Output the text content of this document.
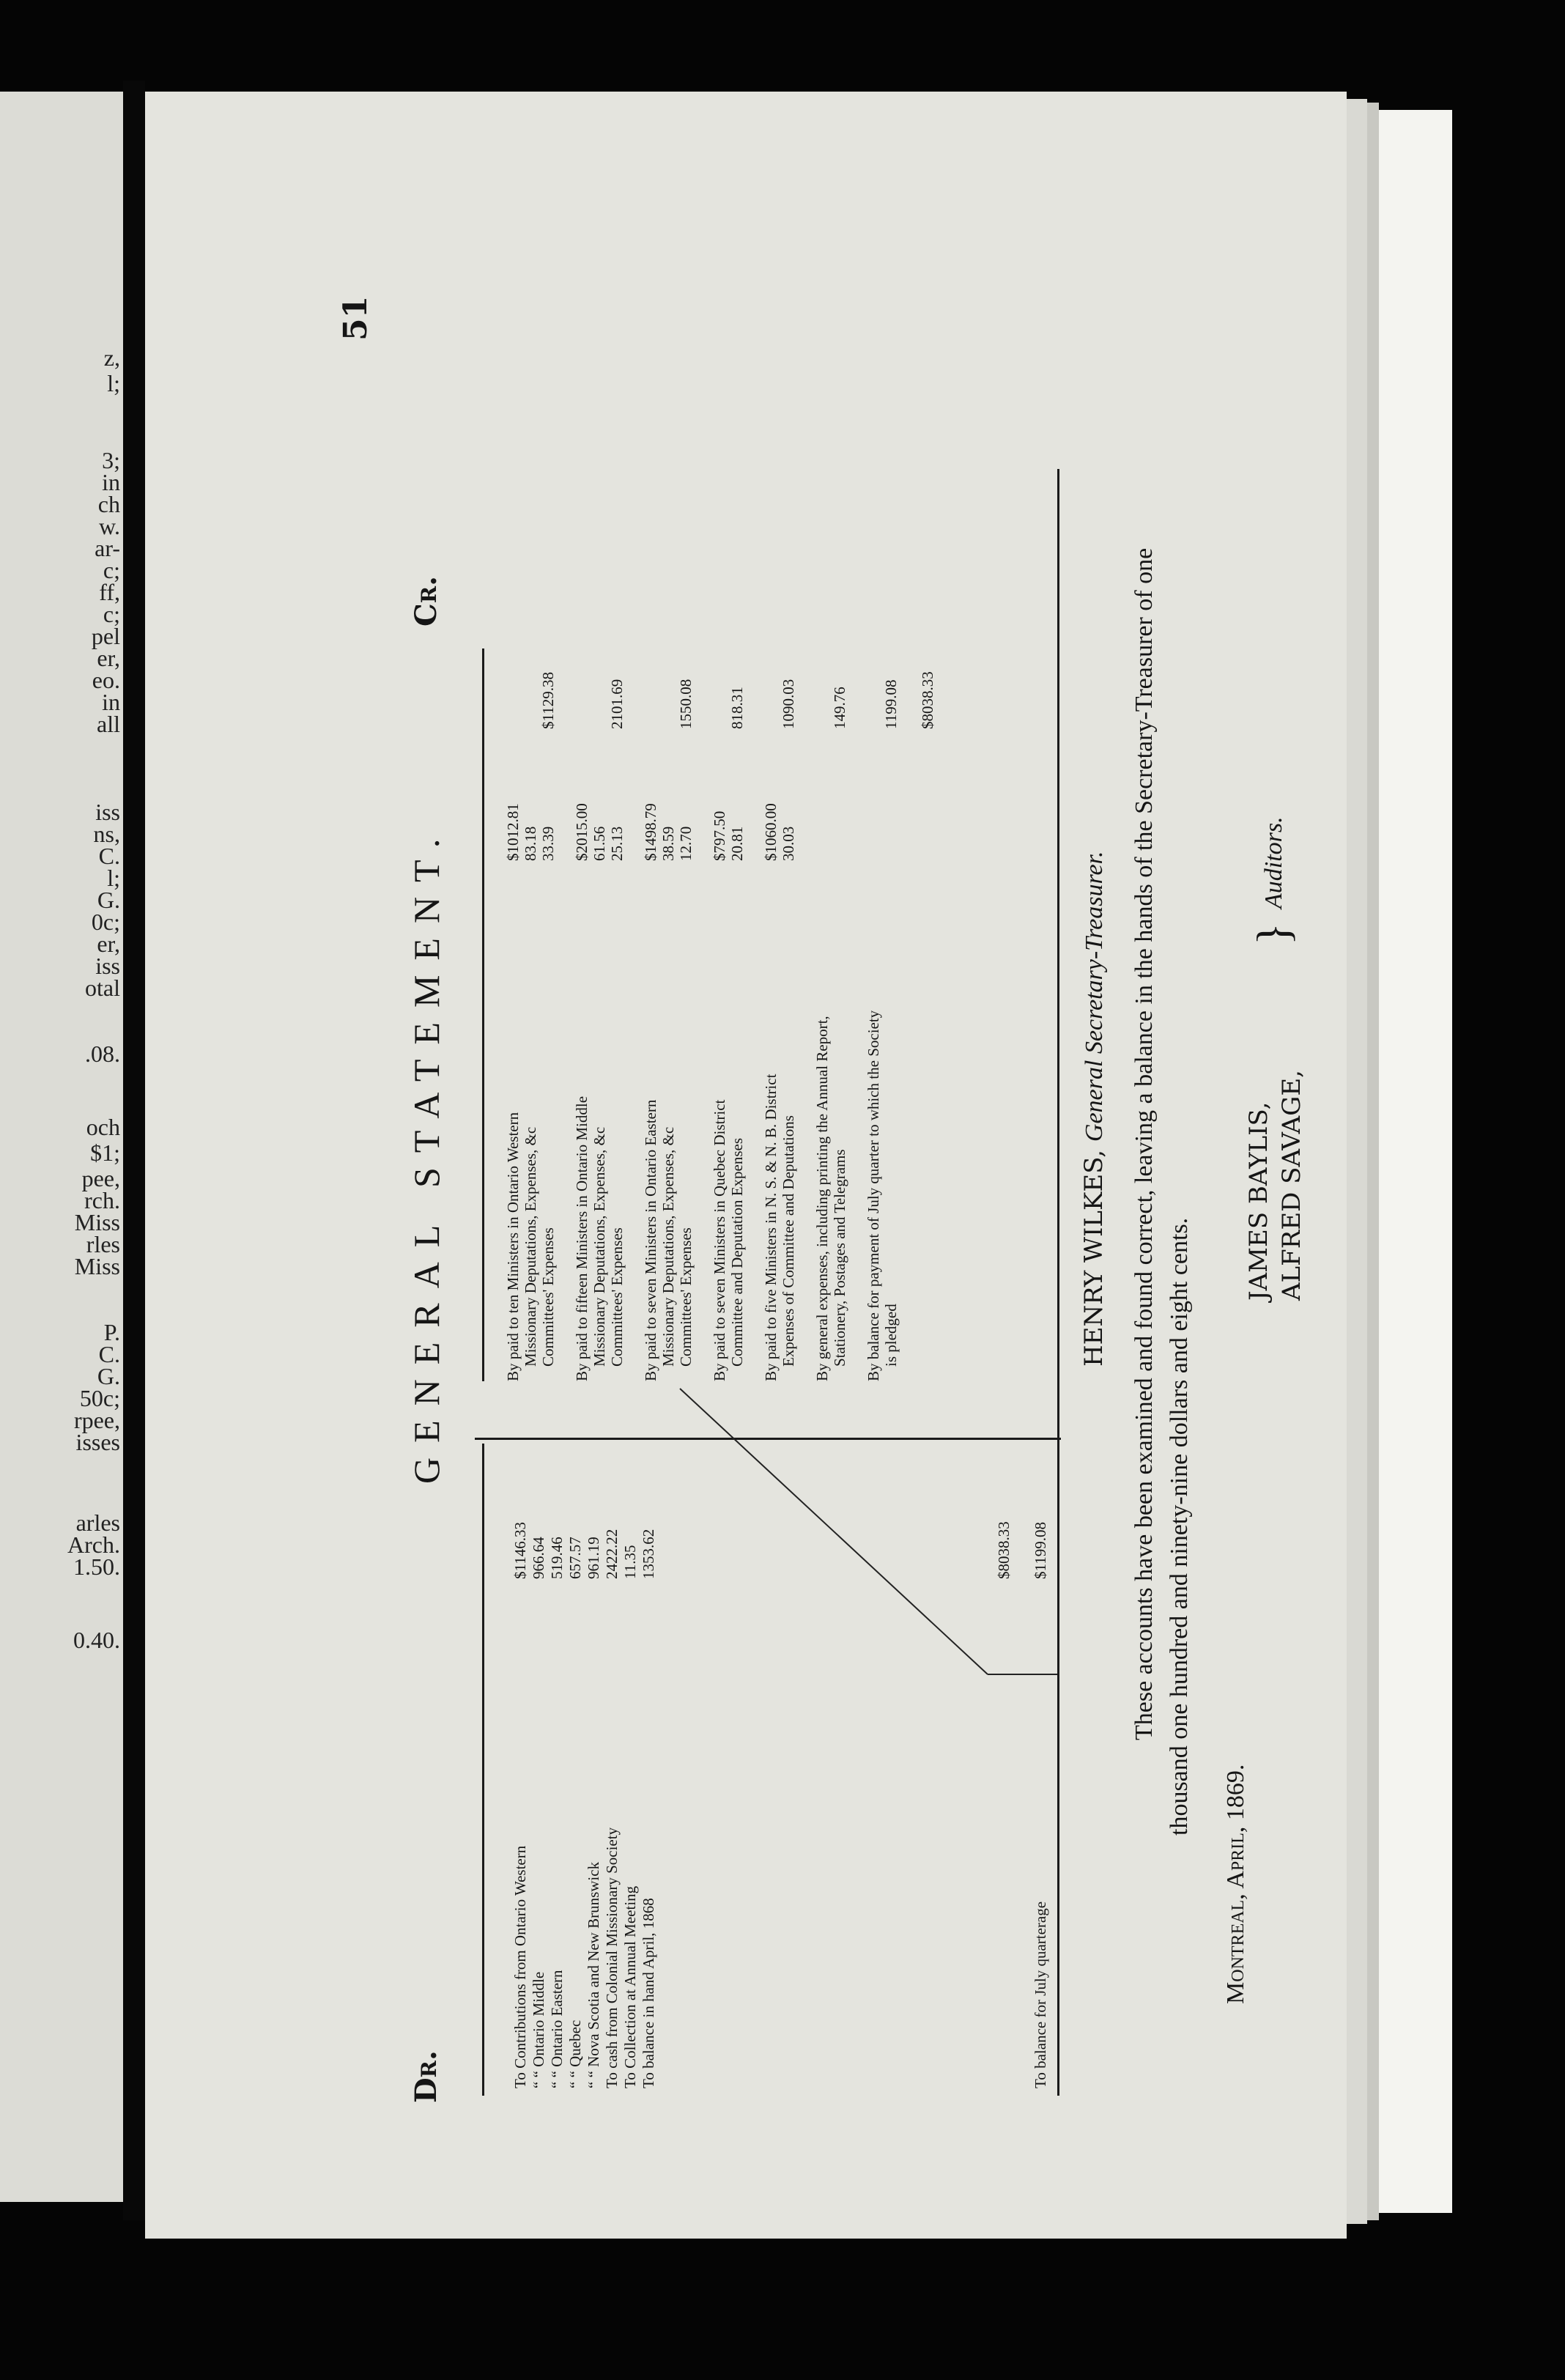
z,
l;
3;
in
ch
w.
ar-
c;
ff,
c;
pel
er,
eo.
in
all
iss
ns,
C.
l;
G.
0c;
er,
iss
otal
.08.
och
$1;
pee,
rch.
Miss
rles
Miss
P.
C.
G.
50c;
rpee,
isses
arles
Arch.
1.50.
0.40.
51
Dr.
GENERAL STATEMENT.
Cr.
To Contributions from Ontario Western
$1146.33
“ “ Ontario Middle
966.64
“ “ Ontario Eastern
519.46
“ “ Quebec
657.57
“ “ Nova Scotia and New Brunswick
961.19
To cash from Colonial Missionary Society
2422.22
To Collection at Annual Meeting
11.35
To balance in hand April, 1868
1353.62	$8038.33
To balance for July quarterage
$1199.08
By paid to ten Ministers in Ontario Western Missionary Deputations, Expenses, &c Committees' Expenses
$1012.81 83.18 33.39
$1129.38
By paid to fifteen Ministers in Ontario Middle Missionary Deputations, Expenses, &c Committees' Expenses
$2015.00 61.56 25.13
2101.69
By paid to seven Ministers in Ontario Eastern Missionary Deputations, Expenses, &c Committees' Expenses
$1498.79 38.59 12.70
1550.08
By paid to seven Ministers in Quebec District Committee and Deputation Expenses
$797.50 20.81
818.31
By paid to five Ministers in N. S. & N. B. District Expenses of Committee and Deputations
$1060.00 30.03
1090.03
By general expenses, including printing the Annual Report, Stationery, Postages and Telegrams
149.76
By balance for payment of July quarter to which the Society is pledged
1199.08 $8038.33
HENRY WILKES, General Secretary-Treasurer. These accounts have been examined and found correct, leaving a balance in the hands of the Secretary-Treasurer of one thousand one hundred and ninety-nine dollars and eight cents.
Montreal, April, 1869.
JAMES BAYLIS, ALFRED SAVAGE,
}
Auditors.
